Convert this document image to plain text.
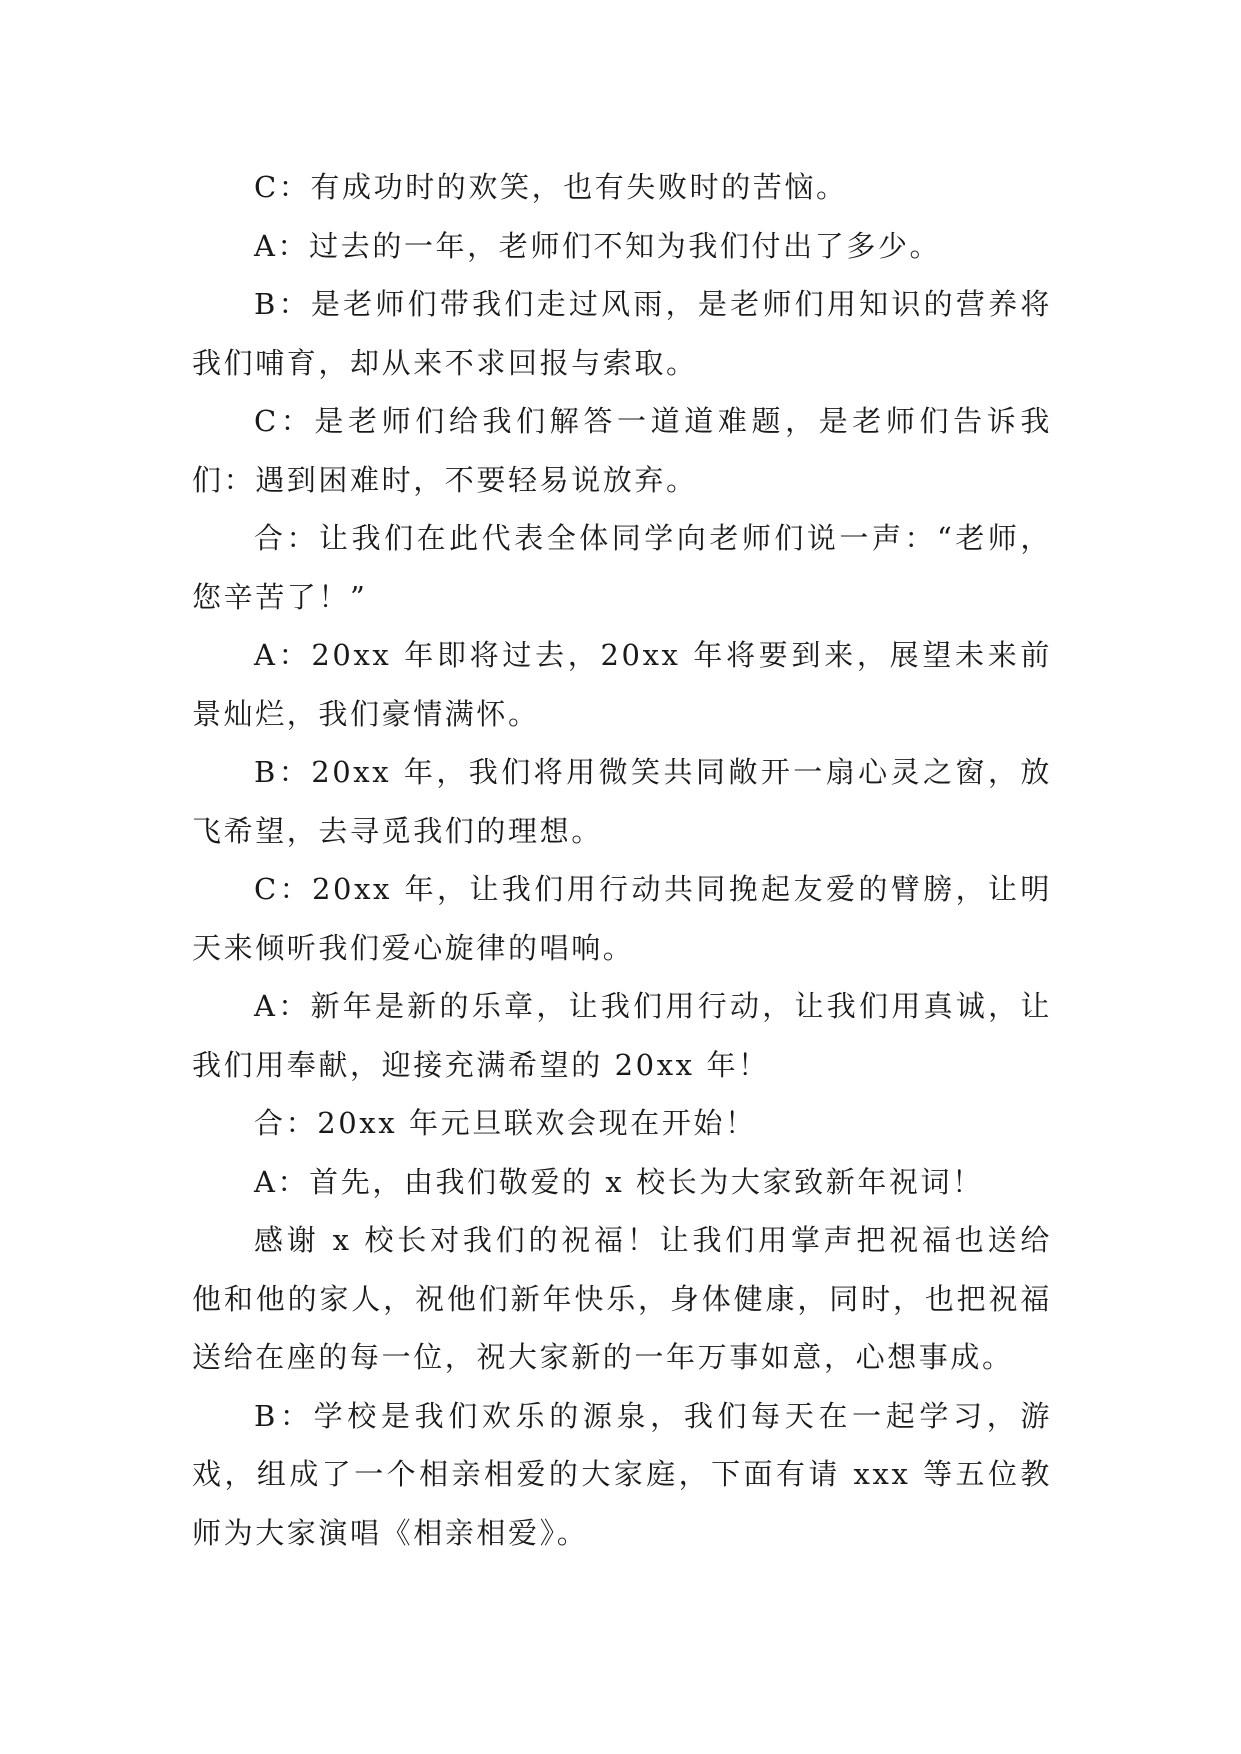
C：有成功时的欢笑，也有失败时的苦恼。

A：过去的一年，老师们不知为我们付出了多少。

B：是老师们带我们走过风雨，是老师们用知识的营养将我们哺育，却从来不求回报与索取。

C：是老师们给我们解答一道道难题，是老师们告诉我们：遇到困难时，不要轻易说放弃。

合：让我们在此代表全体同学向老师们说一声：“老师，您辛苦了！”

A：20xx 年即将过去，20xx 年将要到来，展望未来前景灿烂，我们豪情满怀。

B：20xx 年，我们将用微笑共同敞开一扇心灵之窗，放飞希望，去寻觅我们的理想。

C：20xx 年，让我们用行动共同挽起友爱的臂膀，让明天来倾听我们爱心旋律的唱响。

A：新年是新的乐章，让我们用行动，让我们用真诚，让我们用奉献，迎接充满希望的 20xx 年！

合：20xx 年元旦联欢会现在开始！

A：首先，由我们敬爱的 x 校长为大家致新年祝词！

感谢 x 校长对我们的祝福！让我们用掌声把祝福也送给他和他的家人，祝他们新年快乐，身体健康，同时，也把祝福送给在座的每一位，祝大家新的一年万事如意，心想事成。

B：学校是我们欢乐的源泉，我们每天在一起学习，游戏，组成了一个相亲相爱的大家庭，下面有请 xxx 等五位教师为大家演唱《相亲相爱》。
